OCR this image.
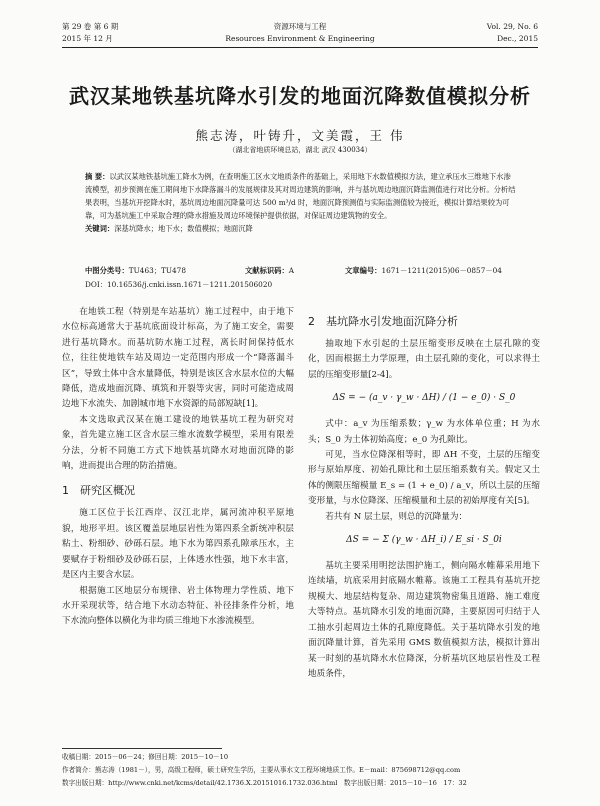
第 29 卷 第 6 期
2015 年 12 月
资源环境与工程
Resources Environment & Engineering
Vol. 29, No. 6
Dec., 2015
武汉某地铁基坑降水引发的地面沉降数值模拟分析
熊志涛，叶铸升，文美霞，王 伟
（湖北省地质环境总站，湖北 武汉 430034）
摘 要：以武汉某地铁基坑施工降水为例，在查明施工区水文地质条件的基础上，采用地下水数值模拟方法，建立承压水三维地下水渗流模型，初步预测在施工期间地下水降落漏斗的发展规律及其对周边建筑的影响，并与基坑周边地面沉降监测值进行对比分析。分析结果表明，当基坑开挖降水时，基坑周边地面沉降量可达 500 m³/d 时，地面沉降预测值与实际监测值较为接近，模拟计算结果较为可靠，可为基坑施工中采取合理的降水措施及周边环境保护提供依据，对保证周边建筑物的安全。
关键词：深基坑降水；地下水；数值模拟；地面沉降
中图分类号：TU463；TU478	文献标识码：A	文章编号：1671－1211(2015)06－0857－04
DOI：10.16536/j.cnki.issn.1671－1211.201506020

在地铁工程（特别是车站基坑）施工过程中，由于地下水位标高通常大于基坑底面设计标高，为了施工安全，需要进行基坑降水。而基坑防水施工过程，离长时间保持低水位，往往使地铁车站及周边一定范围内形成一个“降落漏斗区”，导致土体中含水量降低，特别是该区含水层水位的大幅降低，造成地面沉降、填筑和开裂等灾害，同时可能造成周边地下水流失、加剧城市地下水资源的局部短缺[1]。

本文选取武汉某在施工建设的地铁基坑工程为研究对象，首先建立施工区含水层三维水流数学模型，采用有限差分法，分析不同施工方式下地铁基坑降水对地面沉降的影响，进而提出合理的防治措施。

1　研究区概况

施工区位于长江西岸、汉江北岸，属河流冲积平原地貌，地形平坦。该区覆盖层地层岩性为第四系全新统冲积层粘土、粉细砂、砂砾石层。地下水为第四系孔隙承压水，主要赋存于粉细砂及砂砾石层，上体透水性强，地下水丰富，是区内主要含水层。

根据施工区地层分布规律、岩土体物理力学性质、地下水开采现状等，结合地下水动态特征、补径排条件分析，地下水流向整体以横化为非均质三维地下水渗流模型。

2　基坑降水引发地面沉降分析

抽取地下水引起的土层压缩变形反映在土层孔隙的变化，因而根据土力学原理，由土层孔隙的变化，可以求得土层的压缩变形量[2-4]。

ΔS = − (a_v · γ_w · ΔH) / (1 − e_0) · S_0

式中：a_v 为压缩系数；γ_w 为水体单位重；H 为水头；S_0 为土体初始高度；e_0 为孔隙比。

可见，当水位降深相等时，即 ΔH 不变，土层的压缩变形与原始厚度、初始孔隙比和土层压缩系数有关。假定又土体的侧限压缩模量 E_s = (1 + e_0) / a_v，所以土层的压缩变形量，与水位降深、压缩模量和土层的初始厚度有关[5]。

若共有 N 层土层，则总的沉降量为：

ΔS = − Σ (γ_w · ΔH_i) / E_si · S_0i

基坑主要采用明挖法围护施工，侧向隔水帷幕采用地下连续墙，坑底采用封底隔水帷幕。该施工工程具有基坑开挖规模大、地层结构复杂、周边建筑物密集且道路、施工难度大等特点。基坑降水引发的地面沉降，主要原因可归结于人工抽水引起周边土体的孔隙度降低。关于基坑降水引发的地面沉降量计算，首先采用 GMS 数值模拟方法，模拟计算出某一时刻的基坑降水水位降深，分析基坑区地层岩性及工程地质条件，

收稿日期：2015－06－24；修回日期：2015－10－10
作者简介：熊志涛（1981－），男，高级工程师，硕士研究生学历，主要从事水文工程环境地质工作。E－mail：875698712@qq.com
数字出版日期：http://www.cnki.net/kcms/detail/42.1736.X.20151016.1732.036.html　数字出版日期：2015－10－16　17：32
